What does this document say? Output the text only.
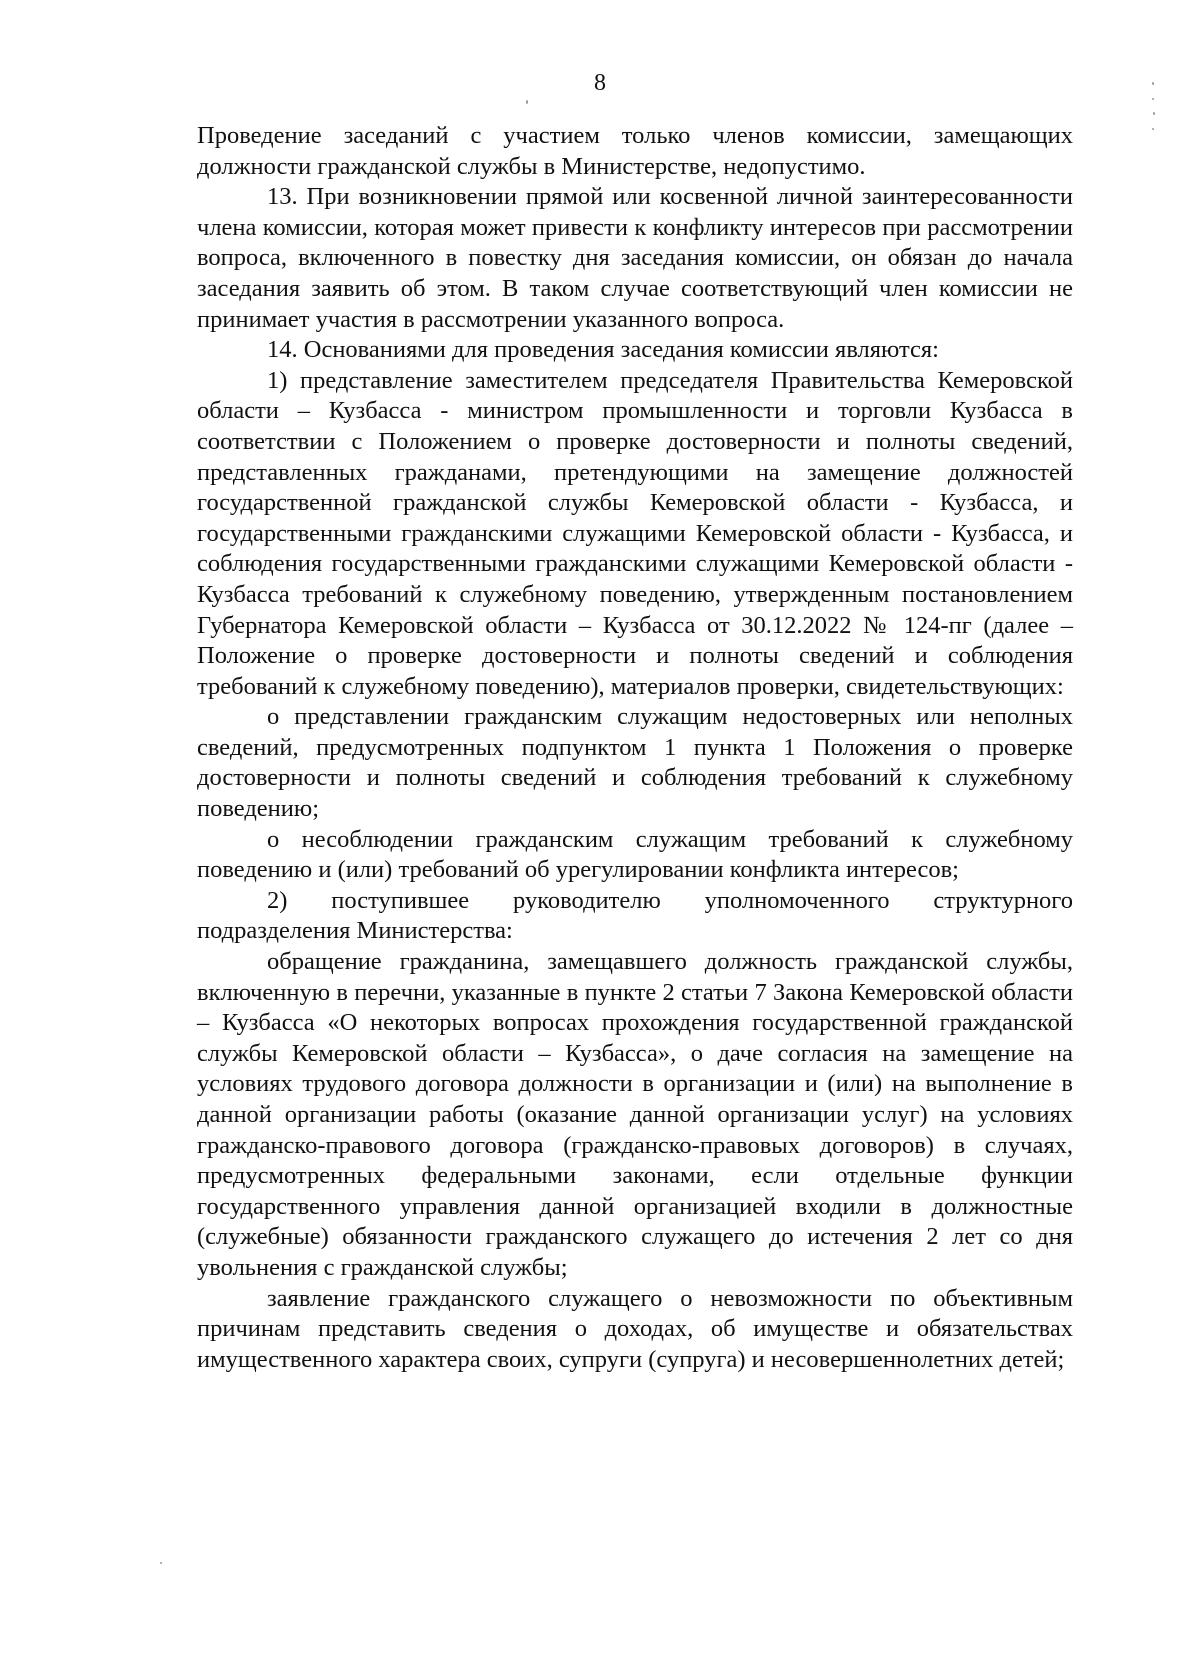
8

Проведение заседаний с участием только членов комиссии, замещающих должности гражданской службы в Министерстве, недопустимо.

13. При возникновении прямой или косвенной личной заинтересованности члена комиссии, которая может привести к конфликту интересов при рассмотрении вопроса, включенного в повестку дня заседания комиссии, он обязан до начала заседания заявить об этом. В таком случае соответствующий член комиссии не принимает участия в рассмотрении указанного вопроса.

14. Основаниями для проведения заседания комиссии являются:

1) представление заместителем председателя Правительства Кемеровской области – Кузбасса - министром промышленности и торговли Кузбасса в соответствии с Положением о проверке достоверности и полноты сведений, представленных гражданами, претендующими на замещение должностей государственной гражданской службы Кемеровской области - Кузбасса, и государственными гражданскими служащими Кемеровской области - Кузбасса, и соблюдения государственными гражданскими служащими Кемеровской области - Кузбасса требований к служебному поведению, утвержденным постановлением Губернатора Кемеровской области – Кузбасса от 30.12.2022 № 124-пг (далее – Положение о проверке достоверности и полноты сведений и соблюдения требований к служебному поведению), материалов проверки, свидетельствующих:

о представлении гражданским служащим недостоверных или неполных сведений, предусмотренных подпунктом 1 пункта 1 Положения о проверке достоверности и полноты сведений и соблюдения требований к служебному поведению;

о несоблюдении гражданским служащим требований к служебному поведению и (или) требований об урегулировании конфликта интересов;

2) поступившее руководителю уполномоченного структурного подразделения Министерства:

обращение гражданина, замещавшего должность гражданской службы, включенную в перечни, указанные в пункте 2 статьи 7 Закона Кемеровской области – Кузбасса «О некоторых вопросах прохождения государственной гражданской службы Кемеровской области – Кузбасса», о даче согласия на замещение на условиях трудового договора должности в организации и (или) на выполнение в данной организации работы (оказание данной организации услуг) на условиях гражданско-правового договора (гражданско-правовых договоров) в случаях, предусмотренных федеральными законами, если отдельные функции государственного управления данной организацией входили в должностные (служебные) обязанности гражданского служащего до истечения 2 лет со дня увольнения с гражданской службы;

заявление гражданского служащего о невозможности по объективным причинам представить сведения о доходах, об имуществе и обязательствах имущественного характера своих, супруги (супруга) и несовершеннолетних детей;
